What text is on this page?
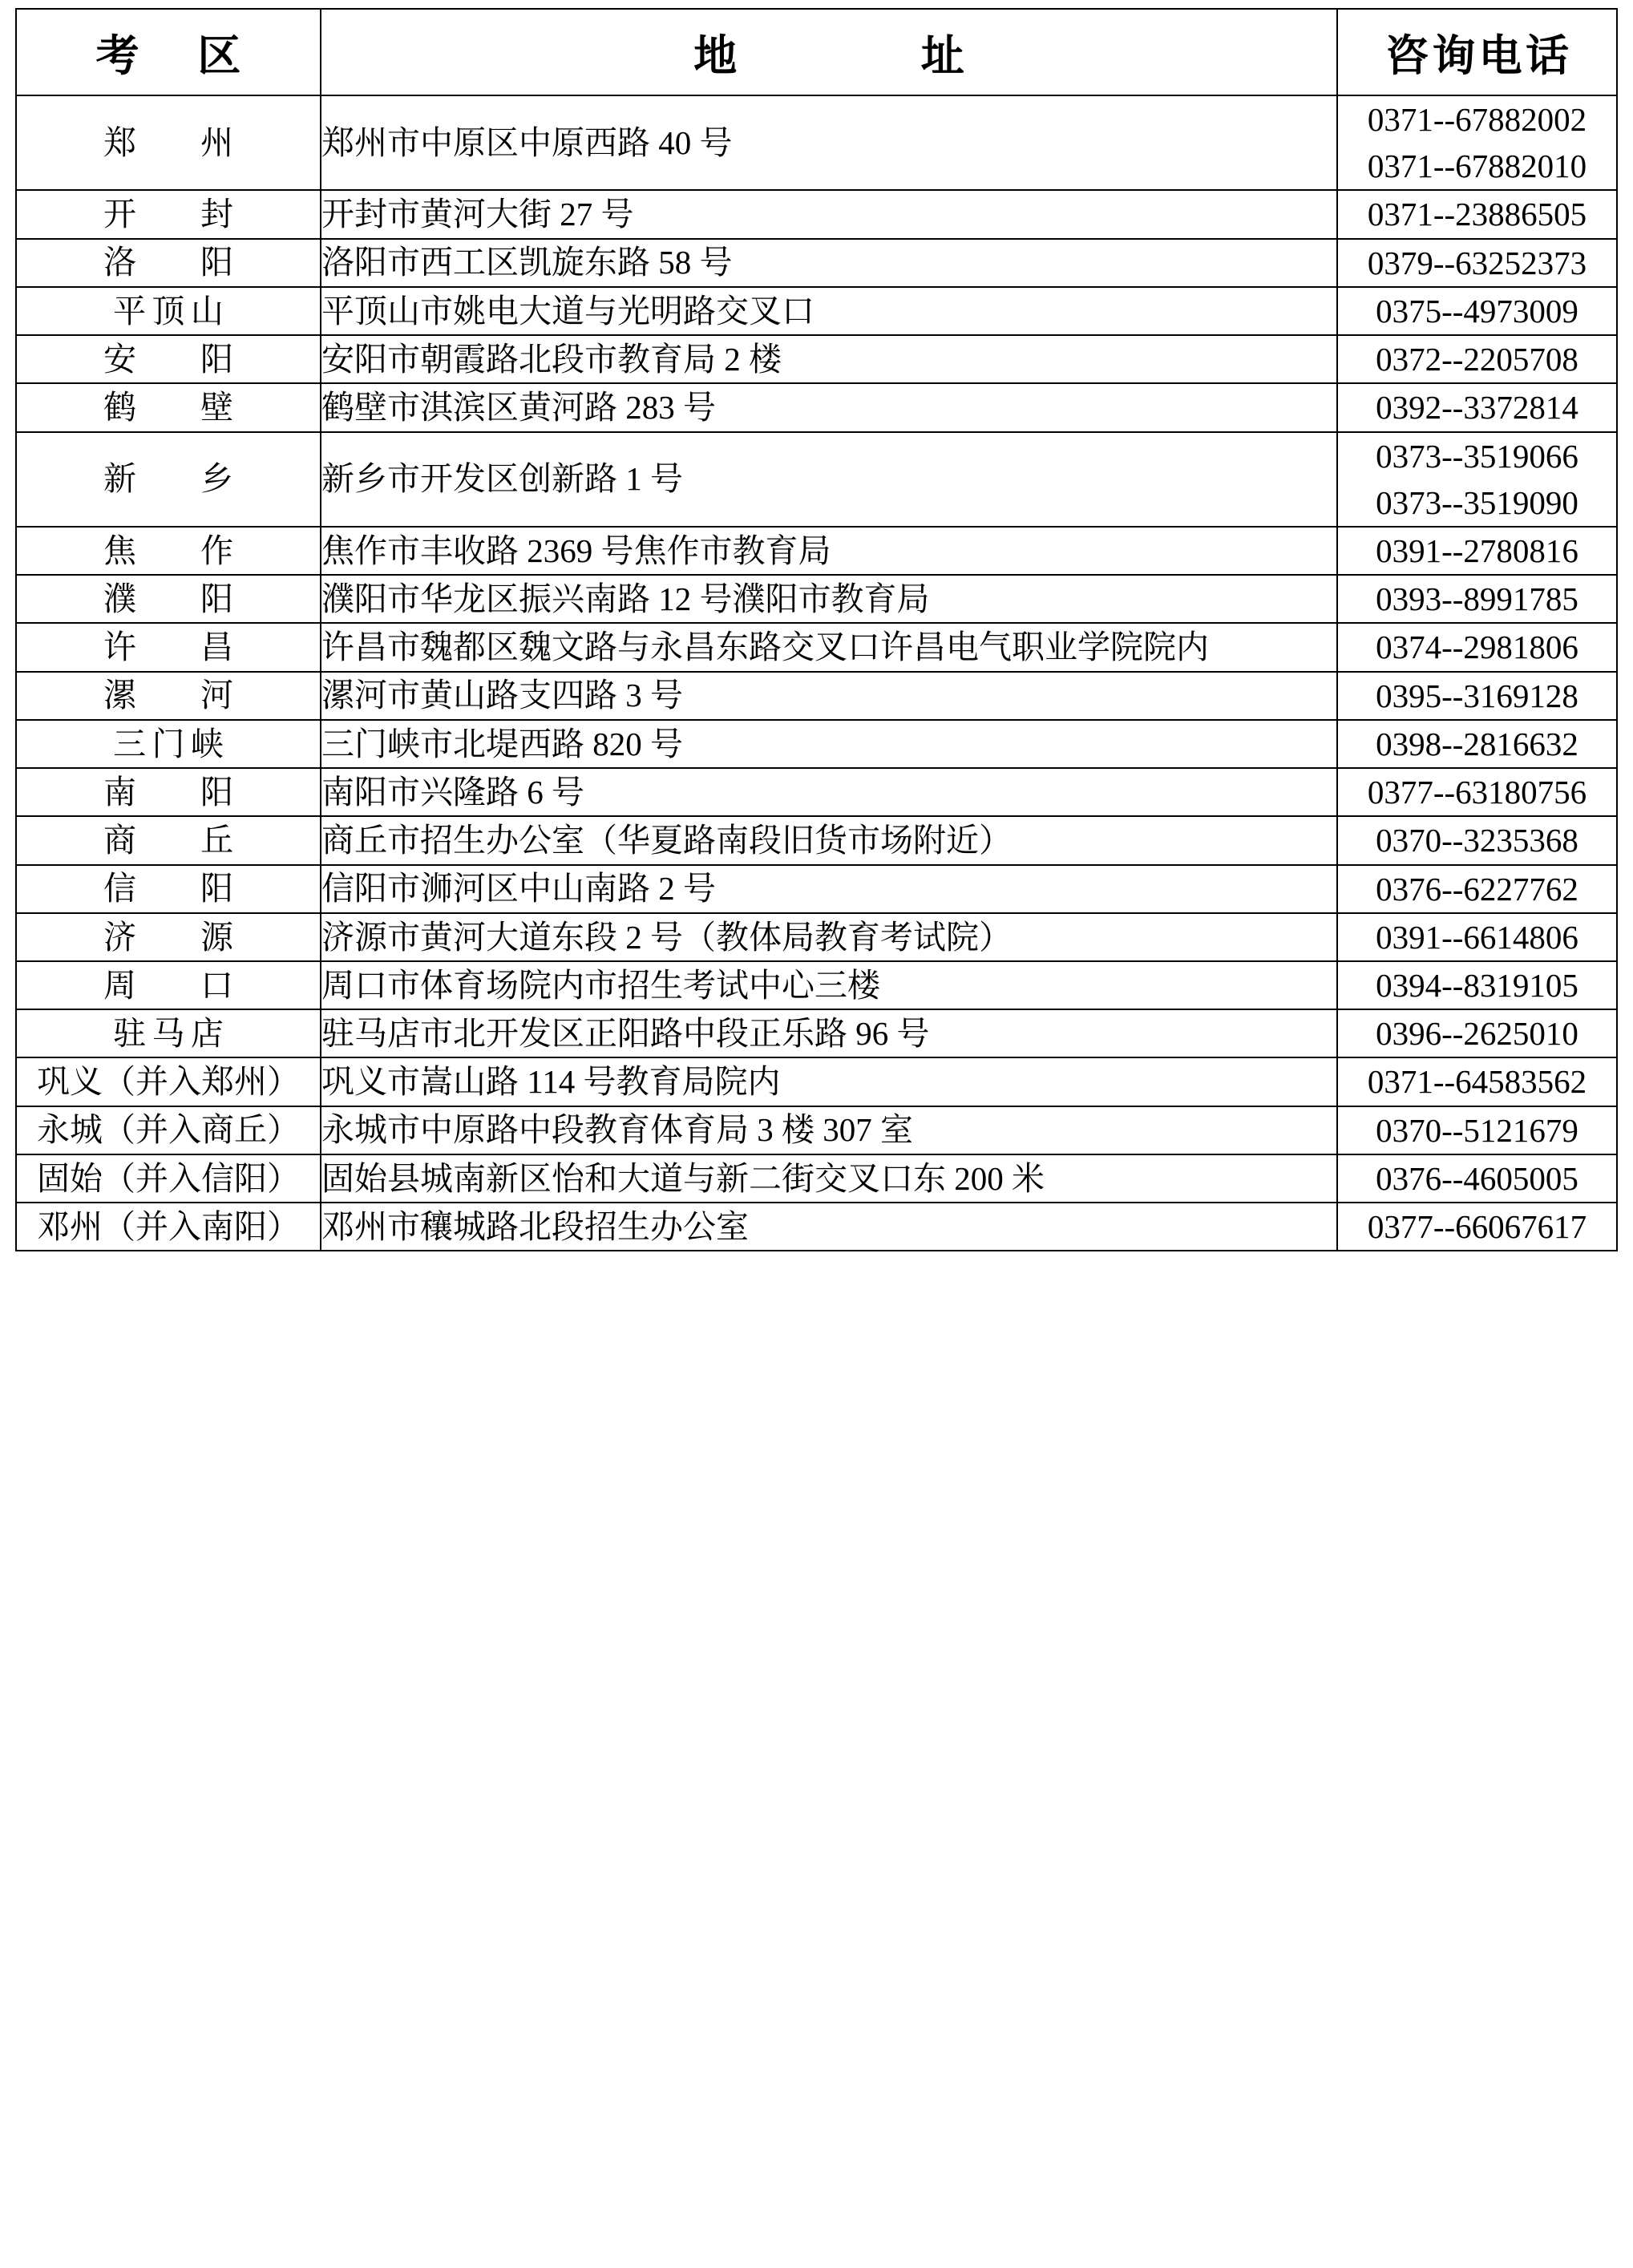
考 区	地 址	咨询电话
郑 州	郑州市中原区中原西路 40 号	0371--67882002
0371--67882010

开 封	开封市黄河大街 27 号	0371--23886505

洛 阳	洛阳市西工区凯旋东路 58 号	0379--63252373

平顶山	平顶山市姚电大道与光明路交叉口	0375--4973009

安 阳	安阳市朝霞路北段市教育局 2 楼	0372--2205708

鹤 壁	鹤壁市淇滨区黄河路 283 号	0392--3372814

新 乡	新乡市开发区创新路 1 号	0373--3519066
0373--3519090

焦 作	焦作市丰收路 2369 号焦作市教育局	0391--2780816

濮 阳	濮阳市华龙区振兴南路 12 号濮阳市教育局	0393--8991785

许 昌	许昌市魏都区魏文路与永昌东路交叉口许昌电气职业学院院内	0374--2981806

漯 河	漯河市黄山路支四路 3 号	0395--3169128

三门峡	三门峡市北堤西路 820 号	0398--2816632

南 阳	南阳市兴隆路 6 号	0377--63180756

商 丘	商丘市招生办公室（华夏路南段旧货市场附近）	0370--3235368

信 阳	信阳市浉河区中山南路 2 号	0376--6227762

济 源	济源市黄河大道东段 2 号（教体局教育考试院）	0391--6614806

周 口	周口市体育场院内市招生考试中心三楼	0394--8319105

驻马店	驻马店市北开发区正阳路中段正乐路 96 号	0396--2625010

巩义（并入郑州）	巩义市嵩山路 114 号教育局院内	0371--64583562

永城（并入商丘）	永城市中原路中段教育体育局 3 楼 307 室	0370--5121679

固始（并入信阳）	固始县城南新区怡和大道与新二街交叉口东 200 米	0376--4605005

邓州（并入南阳）	邓州市穰城路北段招生办公室	0377--66067617
